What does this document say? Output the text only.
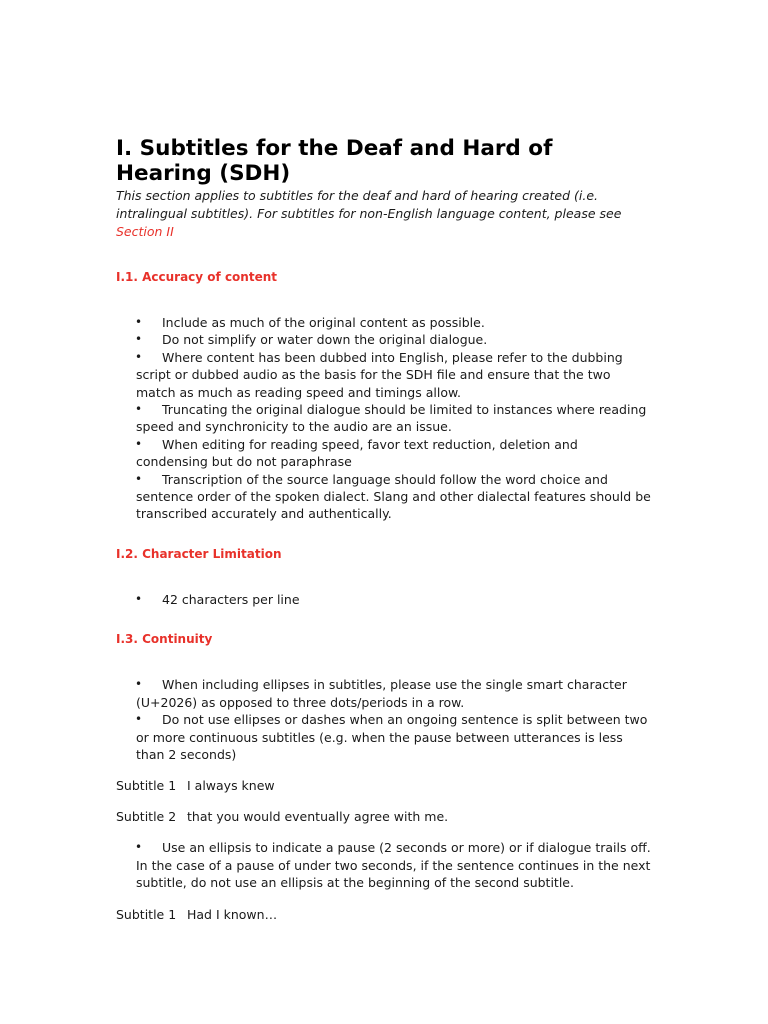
I. Subtitles for the Deaf and Hard of Hearing (SDH)

This section applies to subtitles for the deaf and hard of hearing created (i.e. intralingual subtitles). For subtitles for non-English language content, please see Section II

I.1. Accuracy of content
• Include as much of the original content as possible.
• Do not simplify or water down the original dialogue.
• Where content has been dubbed into English, please refer to the dubbing script or dubbed audio as the basis for the SDH file and ensure that the two match as much as reading speed and timings allow.
• Truncating the original dialogue should be limited to instances where reading speed and synchronicity to the audio are an issue.
• When editing for reading speed, favor text reduction, deletion and condensing but do not paraphrase
• Transcription of the source language should follow the word choice and sentence order of the spoken dialect. Slang and other dialectal features should be transcribed accurately and authentically.
I.2. Character Limitation
• 42 characters per line
I.3. Continuity
• When including ellipses in subtitles, please use the single smart character (U+2026) as opposed to three dots/periods in a row.
• Do not use ellipses or dashes when an ongoing sentence is split between two or more continuous subtitles (e.g. when the pause between utterances is less than 2 seconds)

Subtitle 1 I always knew

Subtitle 2 that you would eventually agree with me.

• Use an ellipsis to indicate a pause (2 seconds or more) or if dialogue trails off. In the case of a pause of under two seconds, if the sentence continues in the next subtitle, do not use an ellipsis at the beginning of the second subtitle.

Subtitle 1 Had I known…
